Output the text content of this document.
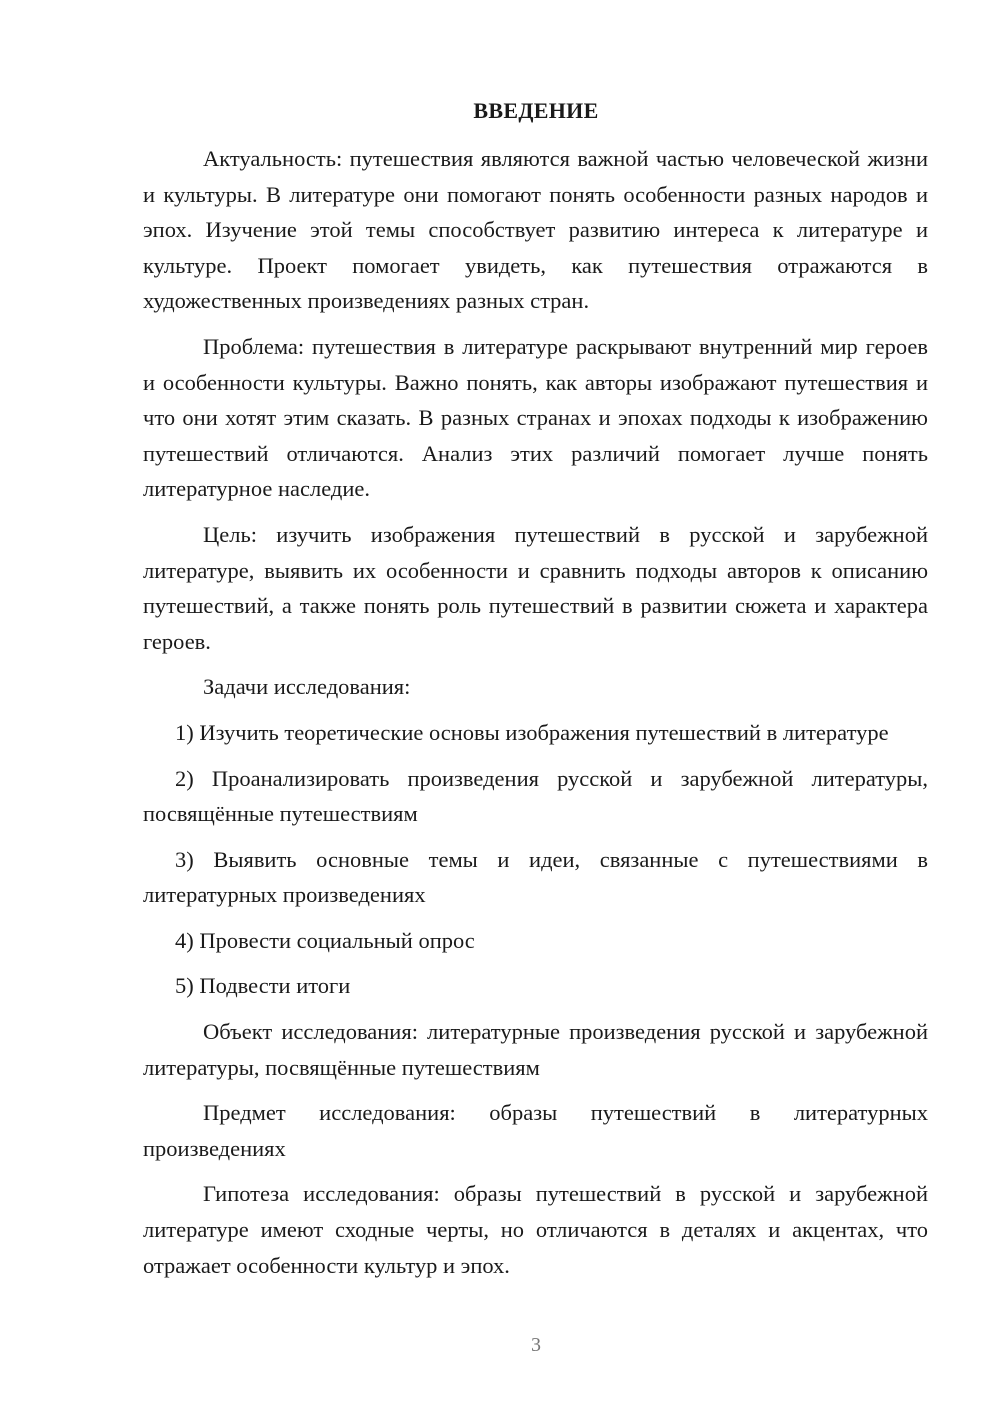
ВВЕДЕНИЕ

Актуальность: путешествия являются важной частью человеческой жизни и культуры. В литературе они помогают понять особенности разных народов и эпох. Изучение этой темы способствует развитию интереса к литературе и культуре. Проект помогает увидеть, как путешествия отражаются в художественных произведениях разных стран.

Проблема: путешествия в литературе раскрывают внутренний мир героев и особенности культуры. Важно понять, как авторы изображают путешествия и что они хотят этим сказать. В разных странах и эпохах подходы к изображению путешествий отличаются. Анализ этих различий помогает лучше понять литературное наследие.

Цель: изучить изображения путешествий в русской и зарубежной литературе, выявить их особенности и сравнить подходы авторов к описанию путешествий, а также понять роль путешествий в развитии сюжета и характера героев.

Задачи исследования:

1) Изучить теоретические основы изображения путешествий в литературе

2) Проанализировать произведения русской и зарубежной литературы, посвящённые путешествиям

3) Выявить основные темы и идеи, связанные с путешествиями в литературных произведениях

4) Провести социальный опрос

5) Подвести итоги

Объект исследования: литературные произведения русской и зарубежной литературы, посвящённые путешествиям

Предмет исследования: образы путешествий в литературных произведениях

Гипотеза исследования: образы путешествий в русской и зарубежной литературе имеют сходные черты, но отличаются в деталях и акцентах, что отражает особенности культур и эпох.

3
